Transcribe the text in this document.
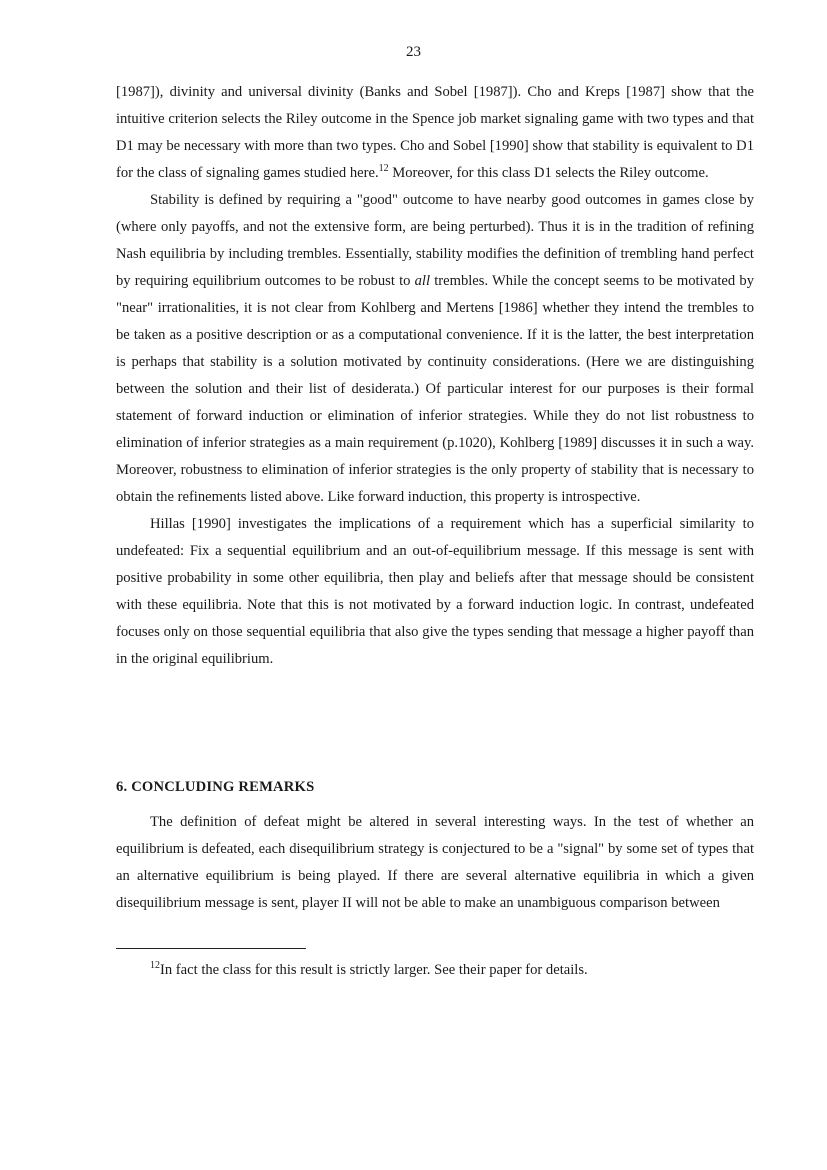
23

[1987]), divinity and universal divinity (Banks and Sobel [1987]). Cho and Kreps [1987] show that the intuitive criterion selects the Riley outcome in the Spence job market signaling game with two types and that D1 may be necessary with more than two types. Cho and Sobel [1990] show that stability is equivalent to D1 for the class of signaling games studied here.$^{12}$ Moreover, for this class D1 selects the Riley outcome.

Stability is defined by requiring a "good" outcome to have nearby good outcomes in games close by (where only payoffs, and not the extensive form, are being perturbed). Thus it is in the tradition of refining Nash equilibria by including trembles. Essentially, stability modifies the definition of trembling hand perfect by requiring equilibrium outcomes to be robust to all trembles. While the concept seems to be motivated by "near" irrationalities, it is not clear from Kohlberg and Mertens [1986] whether they intend the trembles to be taken as a positive description or as a computational convenience. If it is the latter, the best interpretation is perhaps that stability is a solution motivated by continuity considerations. (Here we are distinguishing between the solution and their list of desiderata.) Of particular interest for our purposes is their formal statement of forward induction or elimination of inferior strategies. While they do not list robustness to elimination of inferior strategies as a main requirement (p.1020), Kohlberg [1989] discusses it in such a way. Moreover, robustness to elimination of inferior strategies is the only property of stability that is necessary to obtain the refinements listed above. Like forward induction, this property is introspective.

Hillas [1990] investigates the implications of a requirement which has a superficial similarity to undefeated: Fix a sequential equilibrium and an out-of-equilibrium message. If this message is sent with positive probability in some other equilibria, then play and beliefs after that message should be consistent with these equilibria. Note that this is not motivated by a forward induction logic. In contrast, undefeated focuses only on those sequential equilibria that also give the types sending that message a higher payoff than in the original equilibrium.

6. CONCLUDING REMARKS

The definition of defeat might be altered in several interesting ways. In the test of whether an equilibrium is defeated, each disequilibrium strategy is conjectured to be a "signal" by some set of types that an alternative equilibrium is being played. If there are several alternative equilibria in which a given disequilibrium message is sent, player II will not be able to make an unambiguous comparison between

$^{12}$In fact the class for this result is strictly larger. See their paper for details.
